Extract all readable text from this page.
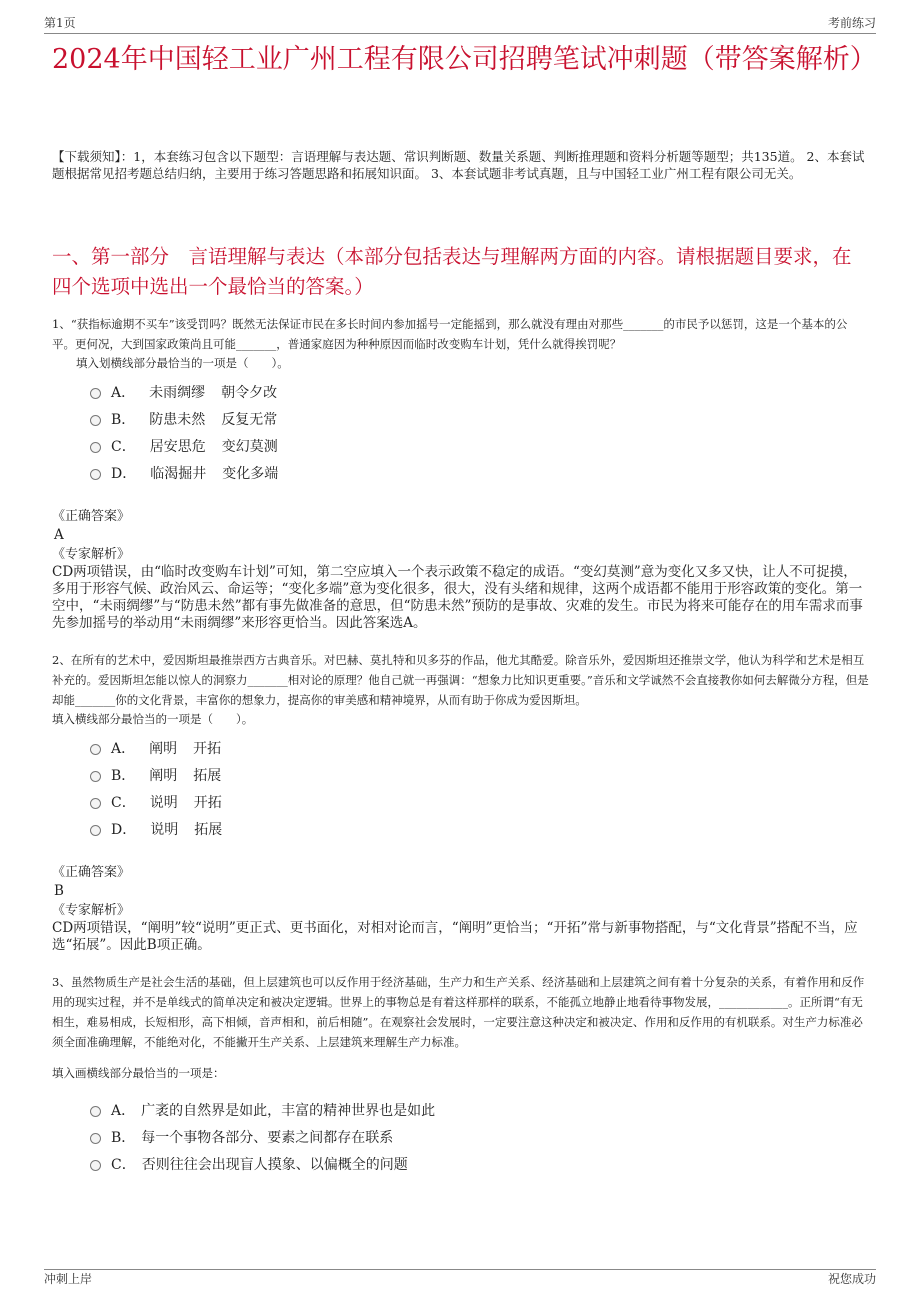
第1页	考前练习
2024年中国轻工业广州工程有限公司招聘笔试冲刺题（带答案解析）
【下载须知】：1，本套练习包含以下题型：言语理解与表达题、常识判断题、数量关系题、判断推理题和资料分析题等题型；共135道。 2、本套试题根据常见招考题总结归纳，主要用于练习答题思路和拓展知识面。 3、本套试题非考试真题，且与中国轻工业广州工程有限公司无关。
一、第一部分　言语理解与表达（本部分包括表达与理解两方面的内容。请根据题目要求，在四个选项中选出一个最恰当的答案。）
1、“获指标逾期不买车”该受罚吗？既然无法保证市民在多长时间内参加摇号一定能摇到，那么就没有理由对那些_______的市民予以惩罚，这是一个基本的公平。更何况，大到国家政策尚且可能_______，普通家庭因为种种原因而临时改变购车计划，凭什么就得挨罚呢？
填入划横线部分最恰当的一项是（　　）。
A． 未雨绸缪 朝令夕改
B． 防患未然 反复无常
C． 居安思危 变幻莫测
D． 临渴掘井 变化多端
《正确答案》
A
《专家解析》
CD两项错误，由“临时改变购车计划”可知，第二空应填入一个表示政策不稳定的成语。“变幻莫测”意为变化又多又快，让人不可捉摸，多用于形容气候、政治风云、命运等；“变化多端”意为变化很多，很大，没有头绪和规律，这两个成语都不能用于形容政策的变化。第一空中，“未雨绸缪”与“防患未然”都有事先做准备的意思，但“防患未然”预防的是事故、灾难的发生。市民为将来可能存在的用车需求而事先参加摇号的举动用“未雨绸缪”来形容更恰当。因此答案选A。
2、在所有的艺术中，爱因斯坦最推崇西方古典音乐。对巴赫、莫扎特和贝多芬的作品，他尤其酷爱。除音乐外，爱因斯坦还推崇文学，他认为科学和艺术是相互补充的。爱因斯坦怎能以惊人的洞察力_______相对论的原理？他自己就一再强调：“想象力比知识更重要。”音乐和文学诚然不会直接教你如何去解微分方程，但是却能_______你的文化背景，丰富你的想象力，提高你的审美感和精神境界，从而有助于你成为爱因斯坦。
填入横线部分最恰当的一项是（　　）。
A． 阐明 开拓
B． 阐明 拓展
C． 说明 开拓
D． 说明 拓展
《正确答案》
B
《专家解析》
CD两项错误，“阐明”较“说明”更正式、更书面化，对相对论而言，“阐明”更恰当；“开拓”常与新事物搭配，与“文化背景”搭配不当，应选“拓展”。因此B项正确。
3、虽然物质生产是社会生活的基础，但上层建筑也可以反作用于经济基础，生产力和生产关系、经济基础和上层建筑之间有着十分复杂的关系，有着作用和反作用的现实过程，并不是单线式的简单决定和被决定逻辑。世界上的事物总是有着这样那样的联系，不能孤立地静止地看待事物发展，____________。正所谓“有无相生，难易相成，长短相形，高下相倾，音声相和，前后相随”。在观察社会发展时，一定要注意这种决定和被决定、作用和反作用的有机联系。对生产力标准必须全面准确理解，不能绝对化，不能撇开生产关系、上层建筑来理解生产力标准。
填入画横线部分最恰当的一项是：
A． 广袤的自然界是如此，丰富的精神世界也是如此
B． 每一个事物各部分、要素之间都存在联系
C． 否则往往会出现盲人摸象、以偏概全的问题
冲刺上岸	祝您成功
